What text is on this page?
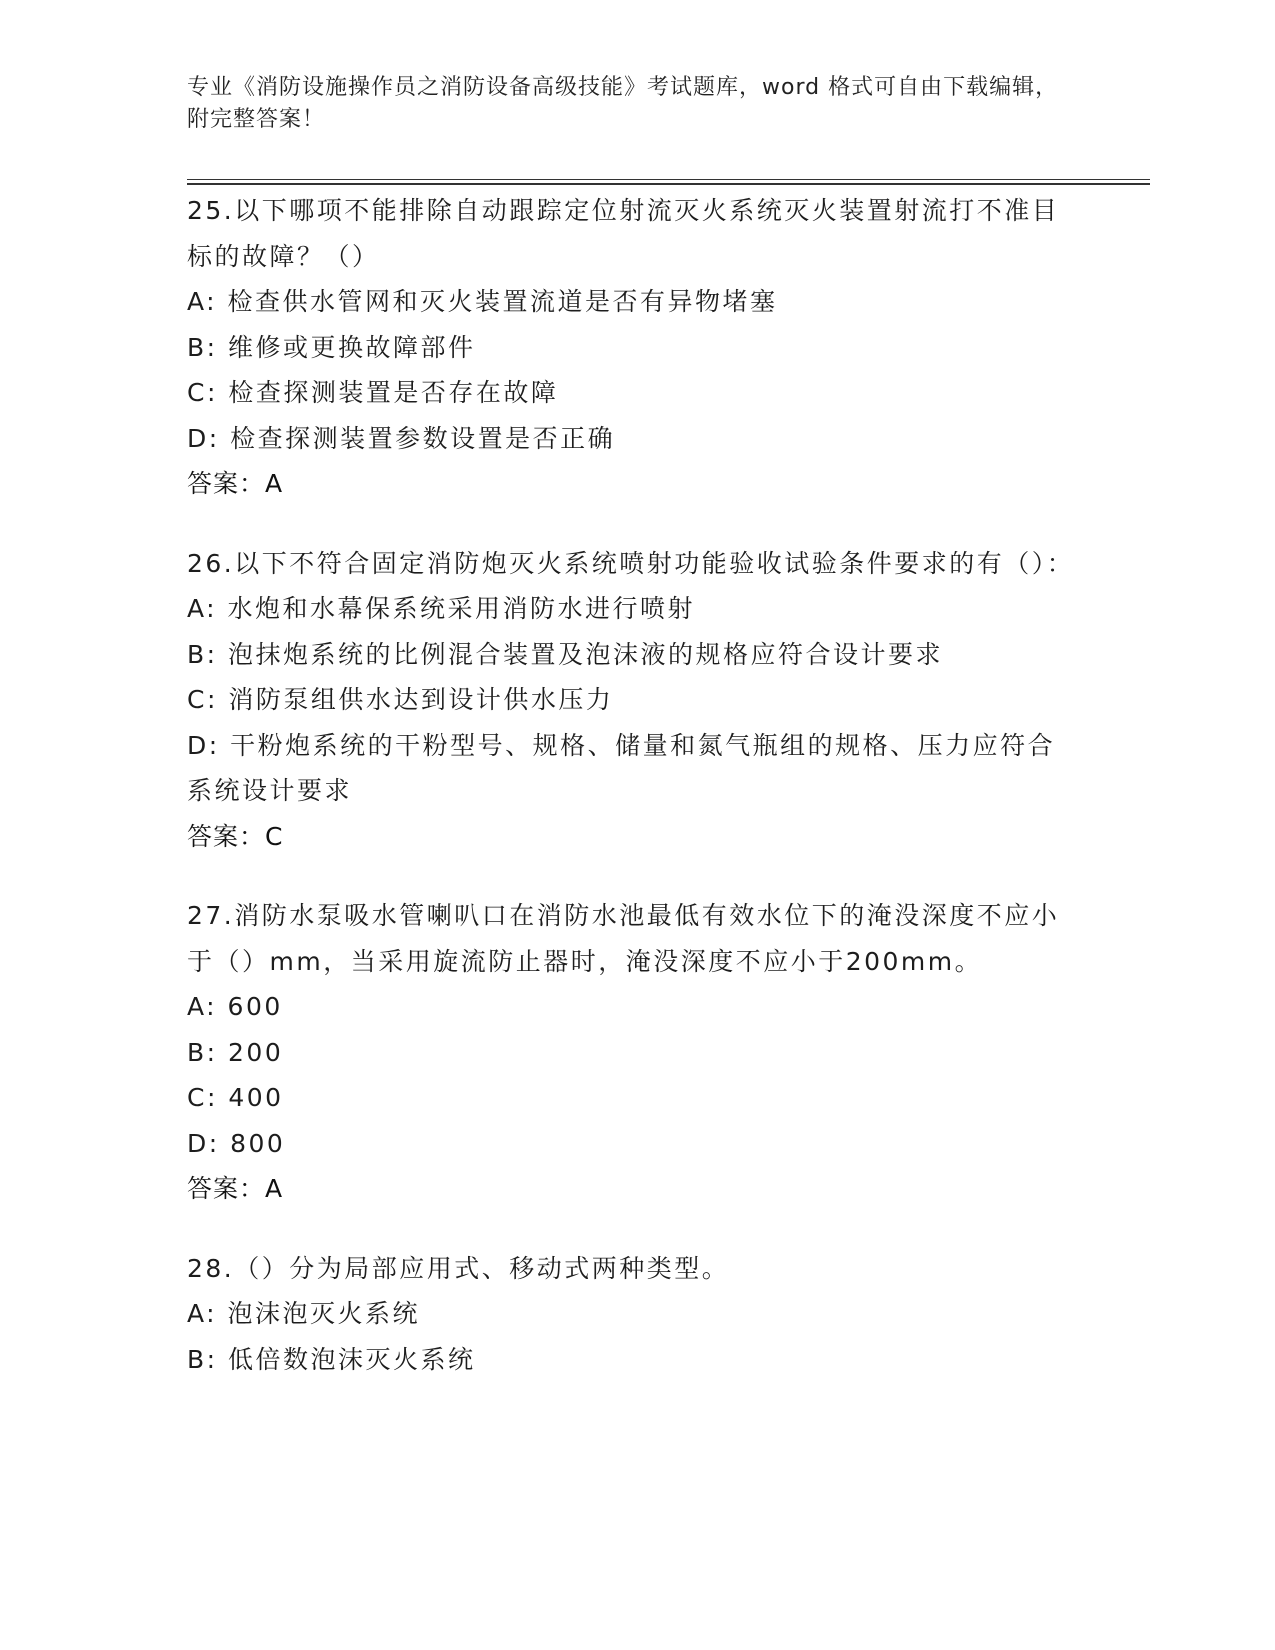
专业《消防设施操作员之消防设备高级技能》考试题库，word 格式可自由下载编辑，附完整答案！
25.以下哪项不能排除自动跟踪定位射流灭火系统灭火装置射流打不准目标的故障？（）
A: 检查供水管网和灭火装置流道是否有异物堵塞
B: 维修或更换故障部件
C: 检查探测装置是否存在故障
D: 检查探测装置参数设置是否正确
答案：A
26.以下不符合固定消防炮灭火系统喷射功能验收试验条件要求的有（）：
A: 水炮和水幕保系统采用消防水进行喷射
B: 泡抹炮系统的比例混合装置及泡沫液的规格应符合设计要求
C: 消防泵组供水达到设计供水压力
D: 干粉炮系统的干粉型号、规格、储量和氮气瓶组的规格、压力应符合系统设计要求
答案：C
27.消防水泵吸水管喇叭口在消防水池最低有效水位下的淹没深度不应小于（）mm，当采用旋流防止器时，淹没深度不应小于200mm。
A: 600
B: 200
C: 400
D: 800
答案：A
28.（）分为局部应用式、移动式两种类型。
A: 泡沫泡灭火系统
B: 低倍数泡沫灭火系统
